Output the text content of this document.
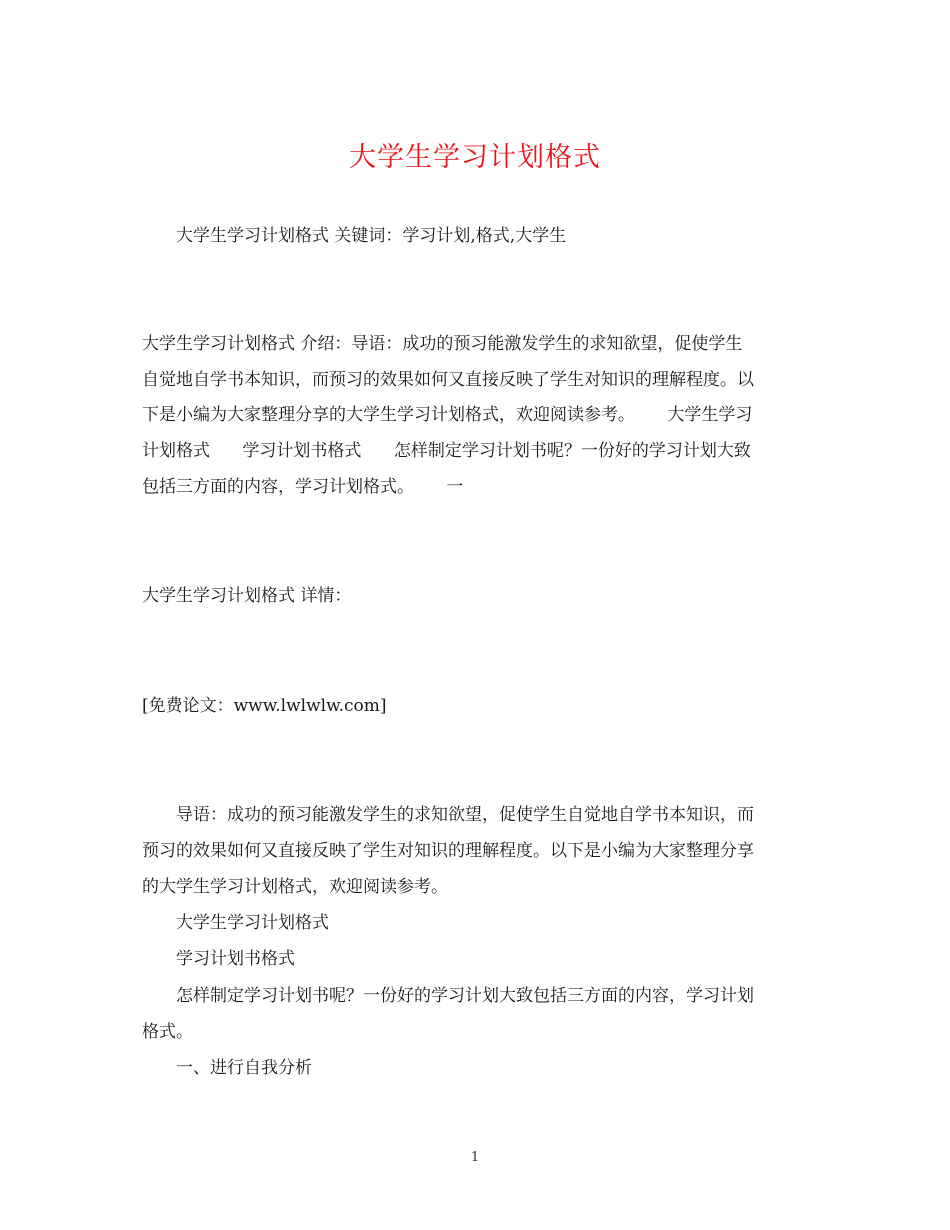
大学生学习计划格式
大学生学习计划格式 关键词：学习计划,格式,大学生
大学生学习计划格式 介绍：导语：成功的预习能激发学生的求知欲望，促使学生
自觉地自学书本知识，而预习的效果如何又直接反映了学生对知识的理解程度。以
下是小编为大家整理分享的大学生学习计划格式，欢迎阅读参考。      大学生学习
计划格式      学习计划书格式      怎样制定学习计划书呢？一份好的学习计划大致
包括三方面的内容，学习计划格式。      一
大学生学习计划格式 详情：
[免费论文：www.lwlwlw.com]
导语：成功的预习能激发学生的求知欲望，促使学生自觉地自学书本知识，而
预习的效果如何又直接反映了学生对知识的理解程度。以下是小编为大家整理分享
的大学生学习计划格式，欢迎阅读参考。
大学生学习计划格式
学习计划书格式
怎样制定学习计划书呢？一份好的学习计划大致包括三方面的内容，学习计划
格式。
一、进行自我分析
1
